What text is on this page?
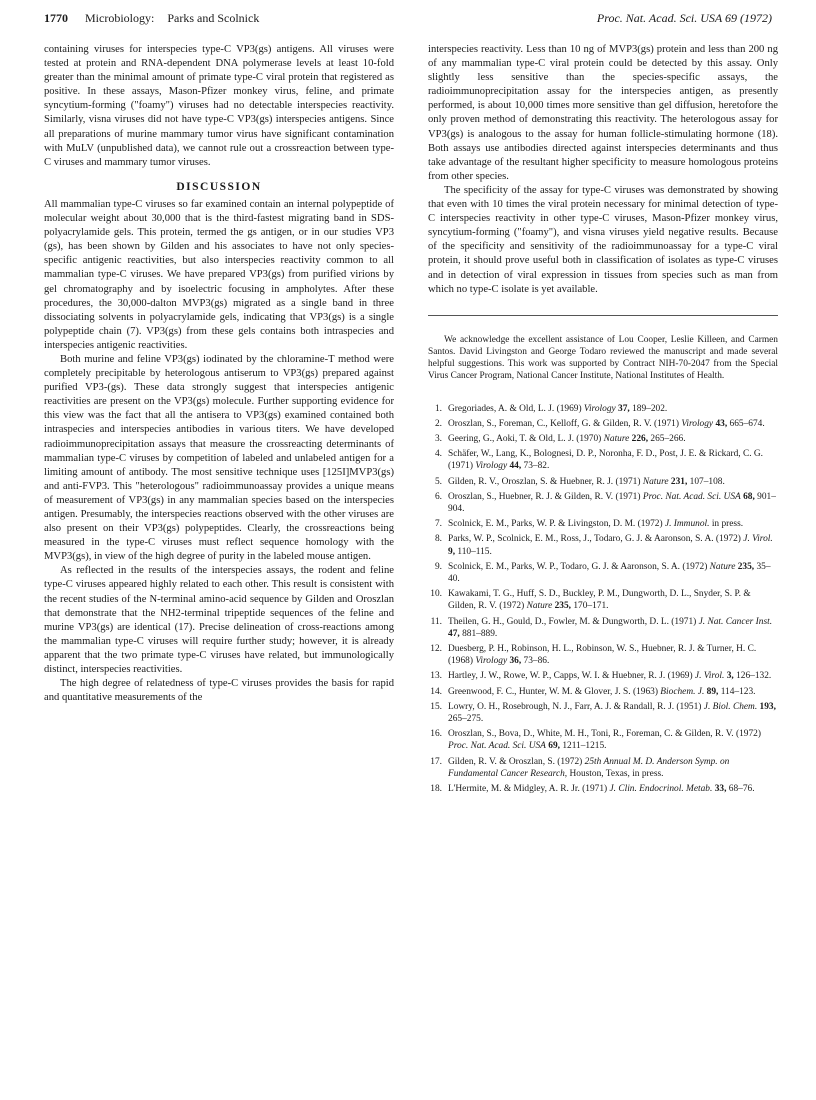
1770 Microbiology: Parks and Scolnick	Proc. Nat. Acad. Sci. USA 69 (1972)

containing viruses for interspecies type-C VP3(gs) antigens. All viruses were tested at protein and RNA-dependent DNA polymerase levels at least 10-fold greater than the minimal amount of primate type-C viral protein that registered as positive. In these assays, Mason-Pfizer monkey virus, feline, and primate syncytium-forming ("foamy") viruses had no detectable interspecies reactivity. Similarly, visna viruses did not have type-C VP3(gs) interspecies antigens. Since all preparations of murine mammary tumor virus have significant contamination with MuLV (unpublished data), we cannot rule out a crossreaction between type-C viruses and mammary tumor viruses.

DISCUSSION

All mammalian type-C viruses so far examined contain an internal polypeptide of molecular weight about 30,000 that is the third-fastest migrating band in SDS-polyacrylamide gels. This protein, termed the gs antigen, or in our studies VP3 (gs), has been shown by Gilden and his associates to have not only species-specific antigenic reactivities, but also interspecies reactivity common to all mammalian type-C viruses. We have prepared VP3(gs) from purified virions by gel chromatography and by isoelectric focusing in ampholytes. After these procedures, the 30,000-dalton MVP3(gs) migrated as a single band in three dissociating solvents in polyacrylamide gels, indicating that VP3(gs) is a single polypeptide chain (7). VP3(gs) from these gels contains both intraspecies and interspecies antigenic reactivities.

Both murine and feline VP3(gs) iodinated by the chloramine-T method were completely precipitable by heterologous antiserum to VP3(gs) prepared against purified VP3-(gs). These data strongly suggest that interspecies antigenic reactivities are present on the VP3(gs) molecule. Further supporting evidence for this view was the fact that all the antisera to VP3(gs) examined contained both intraspecies and interspecies antibodies in various titers. We have developed radioimmunoprecipitation assays that measure the crossreacting determinants of mammalian type-C viruses by competition of labeled and unlabeled antigen for a limiting amount of antibody. The most sensitive technique uses [125I]MVP3(gs) and anti-FVP3. This "heterologous" radioimmunoassay provides a unique means of measurement of VP3(gs) in any mammalian species based on the interspecies antigen. Presumably, the interspecies reactions observed with the other viruses are also present on their VP3(gs) polypeptides. Clearly, the crossreactions being measured in the type-C viruses must reflect sequence homology with the MVP3(gs), in view of the high degree of purity in the labeled mouse antigen.

As reflected in the results of the interspecies assays, the rodent and feline type-C viruses appeared highly related to each other. This result is consistent with the recent studies of the N-terminal amino-acid sequence by Gilden and Oroszlan that demonstrate that the NH2-terminal tripeptide sequences of the feline and murine VP3(gs) are identical (17). Precise delineation of cross-reactions among the mammalian type-C viruses will require further study; however, it is already apparent that the two primate type-C viruses have related, but immunologically distinct, interspecies reactivities.

The high degree of relatedness of type-C viruses provides the basis for rapid and quantitative measurements of the

interspecies reactivity. Less than 10 ng of MVP3(gs) protein and less than 200 ng of any mammalian type-C viral protein could be detected by this assay. Only slightly less sensitive than the species-specific assays, the radioimmunoprecipitation assay for the interspecies antigen, as presently performed, is about 10,000 times more sensitive than gel diffusion, heretofore the only proven method of demonstrating this reactivity. The heterologous assay for VP3(gs) is analogous to the assay for human follicle-stimulating hormone (18). Both assays use antibodies directed against interspecies determinants and thus take advantage of the resultant higher specificity to measure homologous proteins from other species.

The specificity of the assay for type-C viruses was demonstrated by showing that even with 10 times the viral protein necessary for minimal detection of type-C interspecies reactivity in other type-C viruses, Mason-Pfizer monkey virus, syncytium-forming ("foamy"), and visna viruses yield negative results. Because of the specificity and sensitivity of the radioimmunoassay for a type-C viral protein, it should prove useful both in classification of isolates as type-C viruses and in detection of viral expression in tissues from species such as man from which no type-C isolate is yet available.

We acknowledge the excellent assistance of Lou Cooper, Leslie Killeen, and Carmen Santos. David Livingston and George Todaro reviewed the manuscript and made several helpful suggestions. This work was supported by Contract NIH-70-2047 from the Special Virus Cancer Program, National Cancer Institute, National Institutes of Health.

1. Gregoriades, A. & Old, L. J. (1969) Virology 37, 189–202.
2. Oroszlan, S., Foreman, C., Kelloff, G. & Gilden, R. V. (1971) Virology 43, 665–674.
3. Geering, G., Aoki, T. & Old, L. J. (1970) Nature 226, 265–266.
4. Schäfer, W., Lang, K., Bolognesi, D. P., Noronha, F. D., Post, J. E. & Rickard, C. G. (1971) Virology 44, 73–82.
5. Gilden, R. V., Oroszlan, S. & Huebner, R. J. (1971) Nature 231, 107–108.
6. Oroszlan, S., Huebner, R. J. & Gilden, R. V. (1971) Proc. Nat. Acad. Sci. USA 68, 901–904.
7. Scolnick, E. M., Parks, W. P. & Livingston, D. M. (1972) J. Immunol. in press.
8. Parks, W. P., Scolnick, E. M., Ross, J., Todaro, G. J. & Aaronson, S. A. (1972) J. Virol. 9, 110–115.
9. Scolnick, E. M., Parks, W. P., Todaro, G. J. & Aaronson, S. A. (1972) Nature 235, 35–40.
10. Kawakami, T. G., Huff, S. D., Buckley, P. M., Dungworth, D. L., Snyder, S. P. & Gilden, R. V. (1972) Nature 235, 170–171.
11. Theilen, G. H., Gould, D., Fowler, M. & Dungworth, D. L. (1971) J. Nat. Cancer Inst. 47, 881–889.
12. Duesberg, P. H., Robinson, H. L., Robinson, W. S., Huebner, R. J. & Turner, H. C. (1968) Virology 36, 73–86.
13. Hartley, J. W., Rowe, W. P., Capps, W. I. & Huebner, R. J. (1969) J. Virol. 3, 126–132.
14. Greenwood, F. C., Hunter, W. M. & Glover, J. S. (1963) Biochem. J. 89, 114–123.
15. Lowry, O. H., Rosebrough, N. J., Farr, A. J. & Randall, R. J. (1951) J. Biol. Chem. 193, 265–275.
16. Oroszlan, S., Bova, D., White, M. H., Toni, R., Foreman, C. & Gilden, R. V. (1972) Proc. Nat. Acad. Sci. USA 69, 1211–1215.
17. Gilden, R. V. & Oroszlan, S. (1972) 25th Annual M. D. Anderson Symp. on Fundamental Cancer Research, Houston, Texas, in press.
18. L'Hermite, M. & Midgley, A. R. Jr. (1971) J. Clin. Endocrinol. Metab. 33, 68–76.
